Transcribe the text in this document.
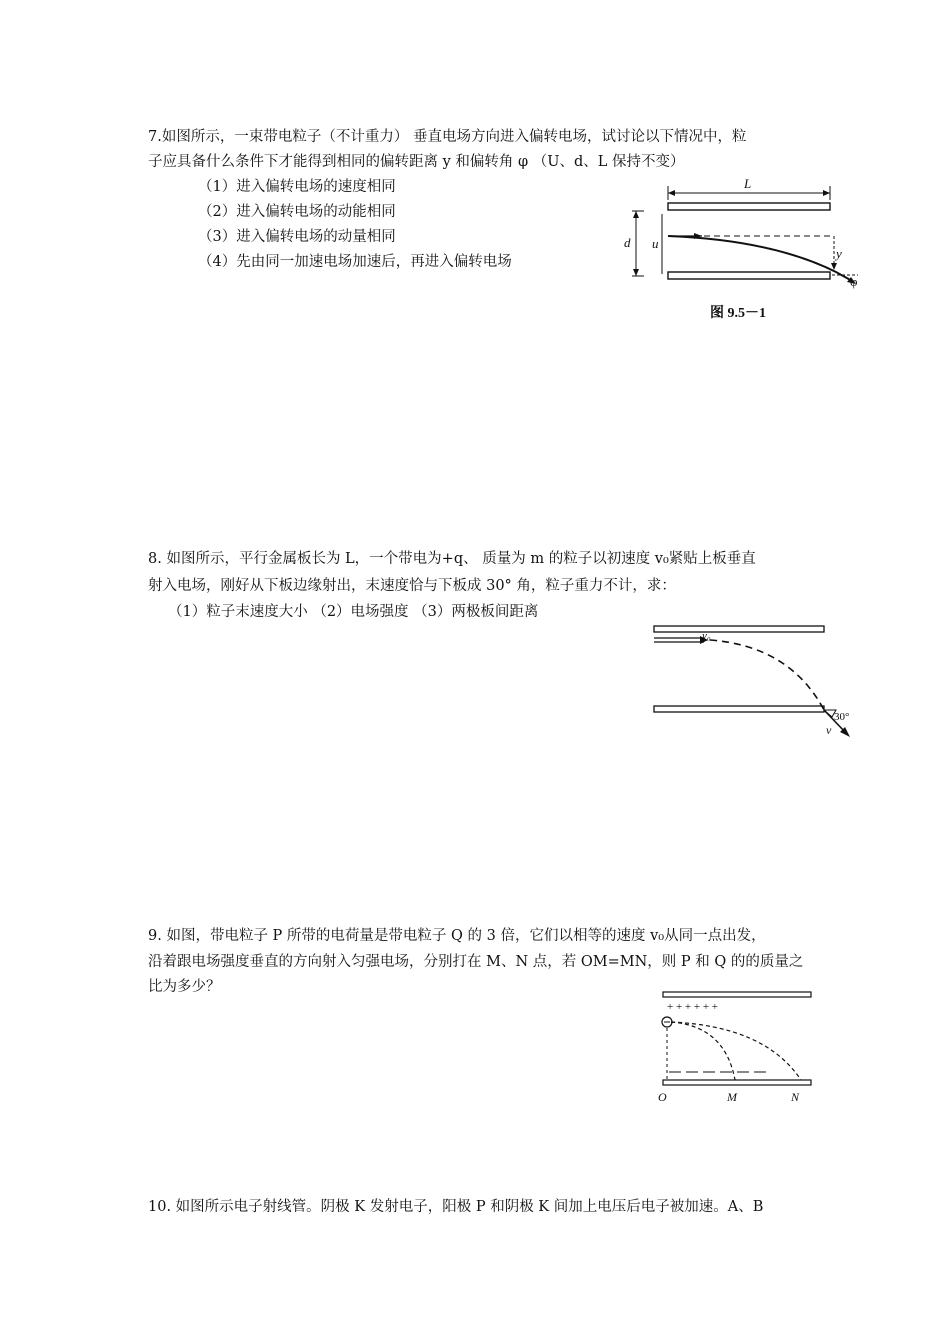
7.如图所示，一束带电粒子（不计重力） 垂直电场方向进入偏转电场，试讨论以下情况中，粒
子应具备什么条件下才能得到相同的偏转距离 y 和偏转角 φ （U、d、L 保持不变）
（1）进入偏转电场的速度相同
（2）进入偏转电场的动能相同
（3）进入偏转电场的动量相同
（4）先由同一加速电场加速后，再进入偏转电场
L
d u
y
φ
图 9.5－1
8. 如图所示，平行金属板长为 L，一个带电为+q、 质量为 m 的粒子以初速度 v₀紧贴上板垂直
射入电场，刚好从下板边缘射出，末速度恰与下板成 30° 角，粒子重力不计，求：
（1）粒子末速度大小 （2）电场强度 （3）两极板间距离
v₀
30°
v
9. 如图，带电粒子 P 所带的电荷量是带电粒子 Q 的 3 倍，它们以相等的速度 v₀从同一点出发，
沿着跟电场强度垂直的方向射入匀强电场，分别打在 M、N 点，若 OM=MN，则 P 和 Q 的的质量之
比为多少？
+ + + + + +
O	M	N
10. 如图所示电子射线管。阴极 K 发射电子，阳极 P 和阴极 K 间加上电压后电子被加速。A、B
